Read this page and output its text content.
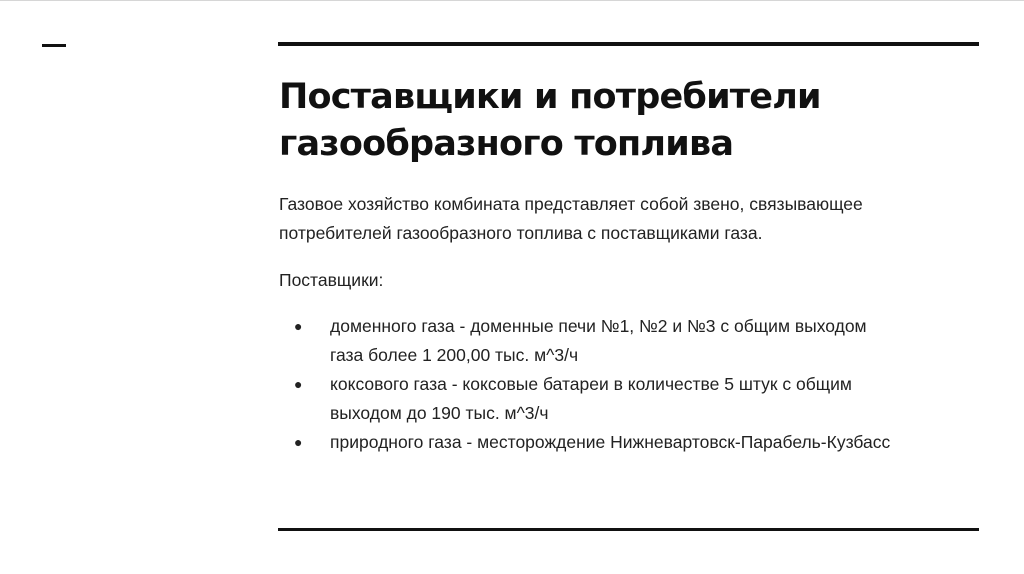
Поставщики и потребители
газообразного топлива

Газовое хозяйство комбината представляет собой звено, связывающее
потребителей газообразного топлива с поставщиками газа.

Поставщики:

● доменного газа - доменные печи №1, №2 и №3 с общим выходом
газа более 1 200,00 тыс. м^3/ч
● коксового газа - коксовые батареи в количестве 5 штук с общим
выходом до 190 тыс. м^3/ч
● природного газа - месторождение Нижневартовск-Парабель-Кузбасс
